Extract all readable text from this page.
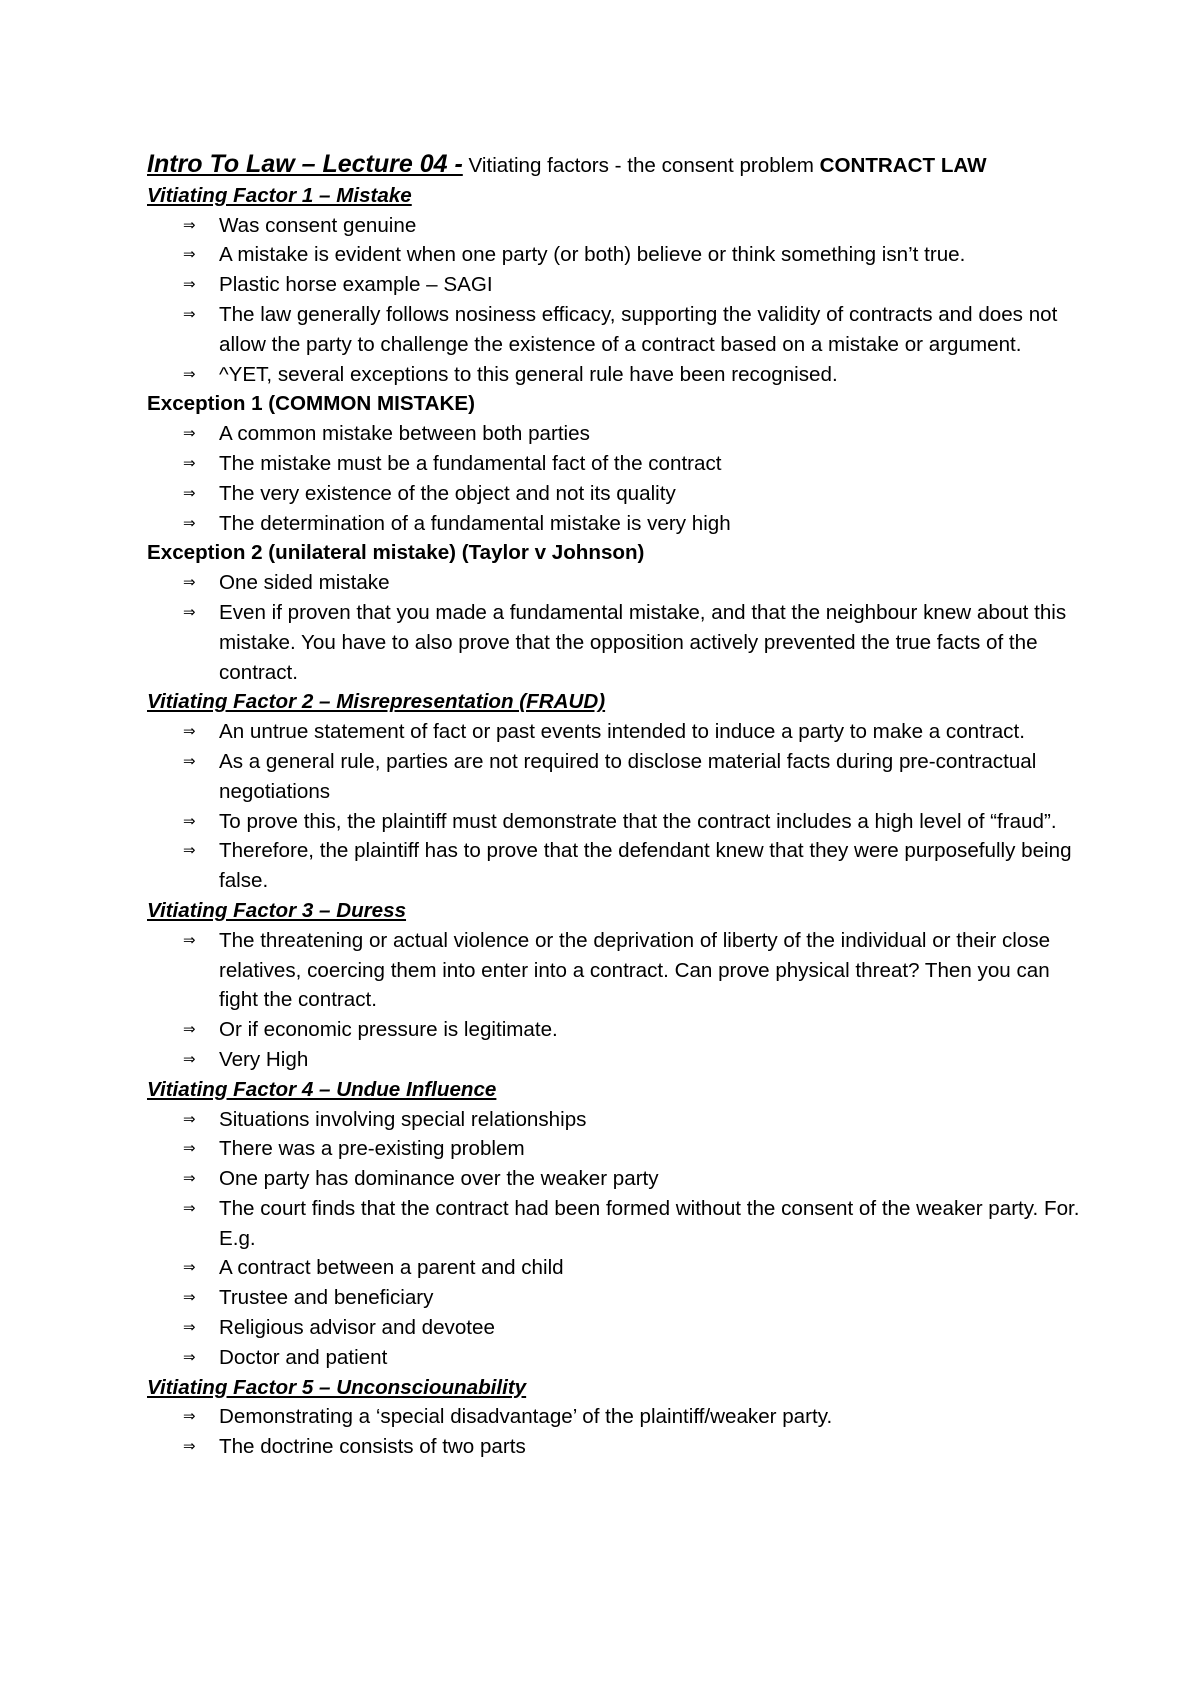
Intro To Law – Lecture 04 - Vitiating factors - the consent problem CONTRACT LAW
Vitiating Factor 1 – Mistake
⇒	Was consent genuine
⇒	A mistake is evident when one party (or both) believe or think something isn’t true.
⇒	Plastic horse example – SAGI
⇒	The law generally follows nosiness efficacy, supporting the validity of contracts and does not allow the party to challenge the existence of a contract based on a mistake or argument.
⇒	^YET, several exceptions to this general rule have been recognised.
Exception 1 (COMMON MISTAKE)
⇒	A common mistake between both parties
⇒	The mistake must be a fundamental fact of the contract
⇒	The very existence of the object and not its quality
⇒	The determination of a fundamental mistake is very high
Exception 2 (unilateral mistake) (Taylor v Johnson)
⇒	One sided mistake
⇒	Even if proven that you made a fundamental mistake, and that the neighbour knew about this mistake. You have to also prove that the opposition actively prevented the true facts of the contract.
Vitiating Factor 2 – Misrepresentation (FRAUD)
⇒	An untrue statement of fact or past events intended to induce a party to make a contract.
⇒	As a general rule, parties are not required to disclose material facts during pre-contractual negotiations
⇒	To prove this, the plaintiff must demonstrate that the contract includes a high level of “fraud”.
⇒	Therefore, the plaintiff has to prove that the defendant knew that they were purposefully being false.
Vitiating Factor 3 – Duress
⇒	The threatening or actual violence or the deprivation of liberty of the individual or their close relatives, coercing them into enter into a contract. Can prove physical threat? Then you can fight the contract.
⇒	Or if economic pressure is legitimate.
⇒	Very High
Vitiating Factor 4 – Undue Influence
⇒	Situations involving special relationships
⇒	There was a pre-existing problem
⇒	One party has dominance over the weaker party
⇒	The court finds that the contract had been formed without the consent of the weaker party. For. E.g.
⇒	A contract between a parent and child
⇒	Trustee and beneficiary
⇒	Religious advisor and devotee
⇒	Doctor and patient
Vitiating Factor 5 – Unconsciounability
⇒	Demonstrating a ‘special disadvantage’ of the plaintiff/weaker party.
⇒	The doctrine consists of two parts
